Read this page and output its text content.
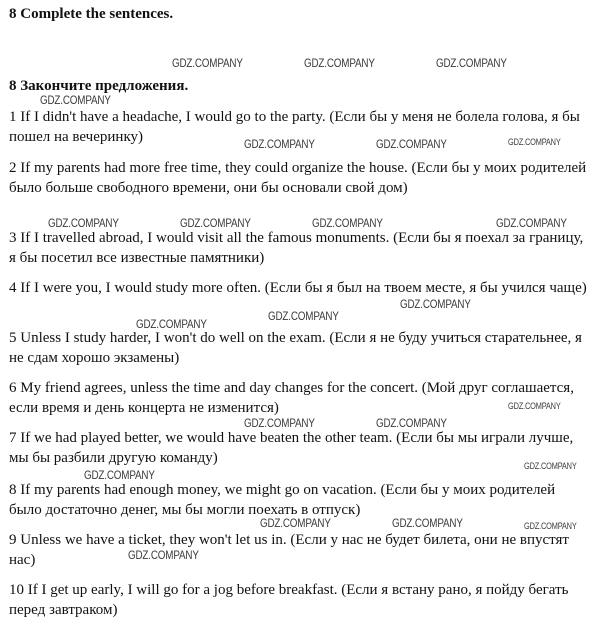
8 Complete the sentences.
8 Закончите предложения.

1 If I didn't have a headache, I would go to the party. (Если бы у меня не болела голова, я бы пошел на вечеринку)

2 If my parents had more free time, they could organize the house. (Если бы у моих родителей было больше свободного времени, они бы основали свой дом)

3 If I travelled abroad, I would visit all the famous monuments. (Если бы я поехал за границу, я бы посетил все известные памятники)

4 If I were you, I would study more often. (Если бы я был на твоем месте, я бы учился чаще)

5 Unless I study harder, I won't do well on the exam. (Если я не буду учиться старательнее, я не сдам хорошо экзамены)

6 My friend agrees, unless the time and day changes for the concert. (Мой друг соглашается, если время и день концерта не изменится)

7 If we had played better, we would have beaten the other team. (Если бы мы играли лучше, мы бы разбили другую команду)

8 If my parents had enough money, we might go on vacation. (Если бы у моих родителей было достаточно денег, мы бы могли поехать в отпуск)

9 Unless we have a ticket, they won't let us in. (Если у нас не будет билета, они не впустят нас)

10 If I get up early, I will go for a jog before breakfast. (Если я встану рано, я пойду бегать перед завтраком)

GDZ.COMPANY	GDZ.COMPANY	GDZ.COMPANY
GDZ.COMPANY
GDZ.COMPANY	GDZ.COMPANY	GDZ.COMPANY
GDZ.COMPANY	GDZ.COMPANY	GDZ.COMPANY	GDZ.COMPANY
GDZ.COMPANY
GDZ.COMPANY
GDZ.COMPANY
GDZ.COMPANY
GDZ.COMPANY	GDZ.COMPANY
GDZ.COMPANY
GDZ.COMPANY
GDZ.COMPANY	GDZ.COMPANY	GDZ.COMPANY
GDZ.COMPANY
